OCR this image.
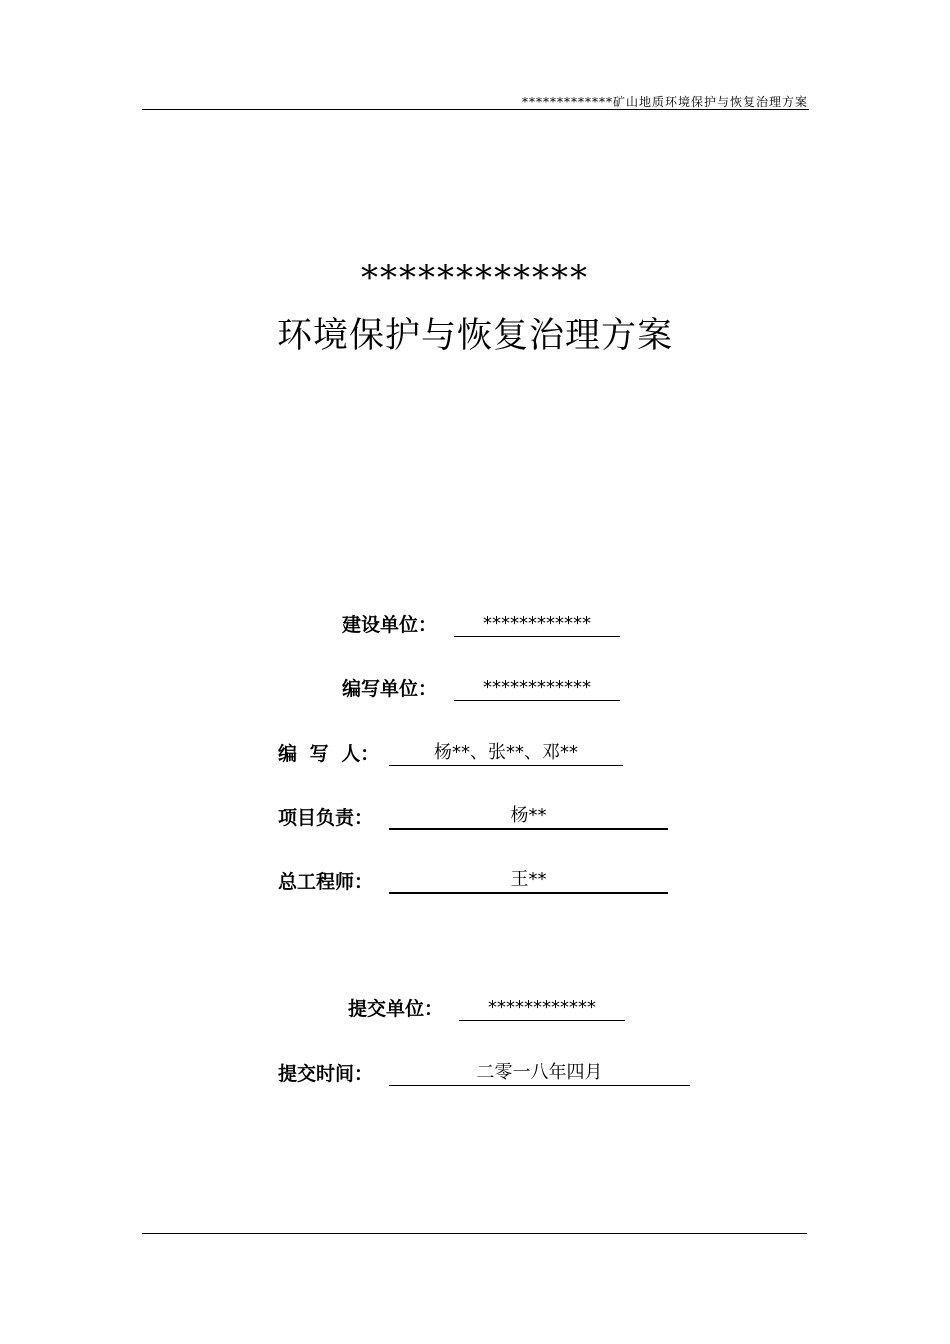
*************矿山地质环境保护与恢复治理方案
************
环境保护与恢复治理方案
建设单位：	************
编写单位：	************
编 写 人：	杨**、张**、邓**
项目负责：	杨**
总工程师：	王**
提交单位：	************
提交时间：	二零一八年四月
